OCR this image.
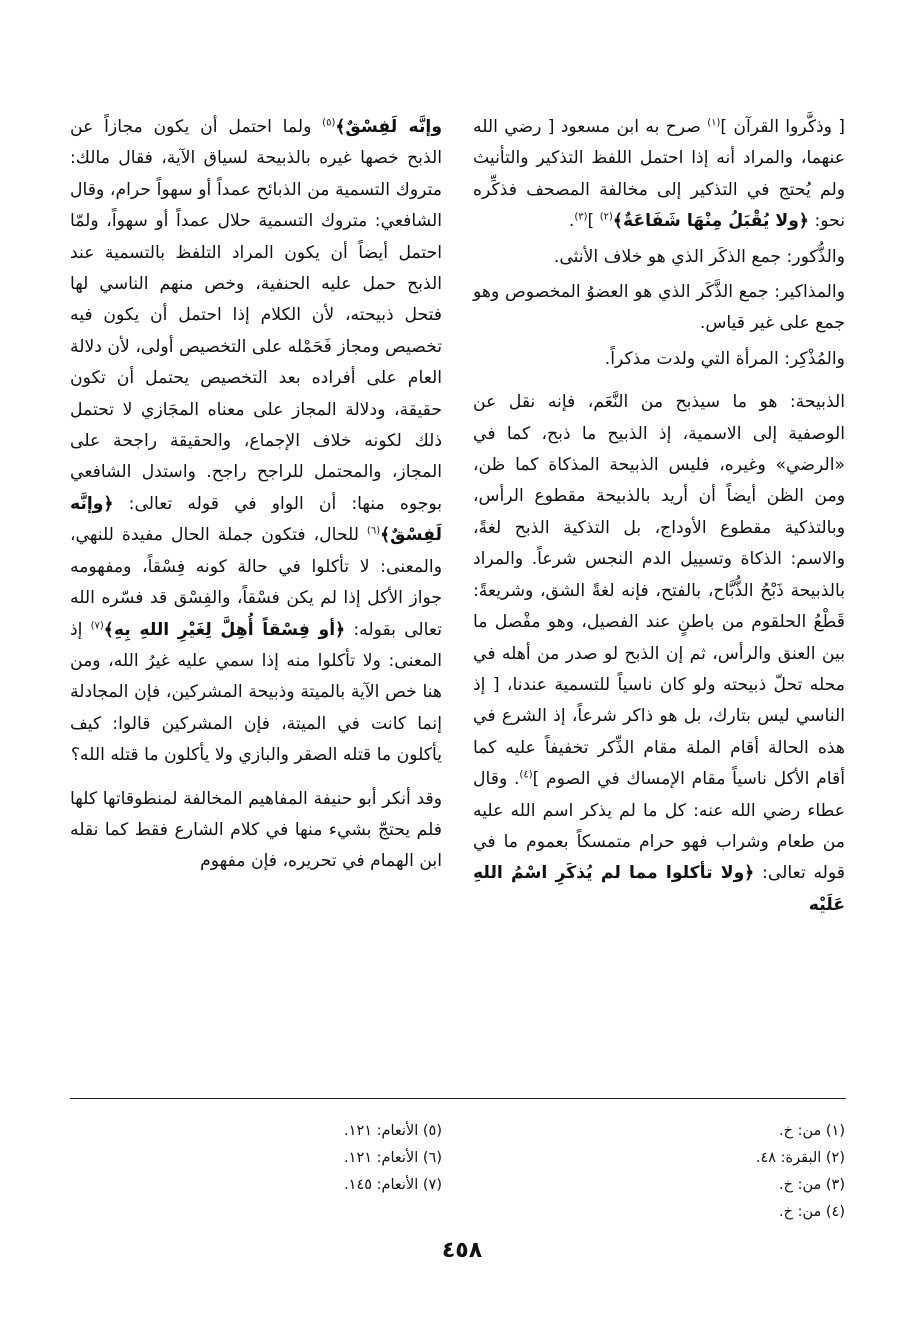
[ وذكَّروا القرآن ]$^{(١)}$ صرح به ابن مسعود [ رضي الله عنهما، والمراد أنه إذا احتمل اللفظ التذكير والتأنيث ولم يُحتج في التذكير إلى مخالفة المصحف فذكِّره نحو: ﴿ولا يُقْبَلُ مِنْهَا شَفَاعَةٌ﴾$^{(٢)}$ ]$^{(٣)}$.

والذُّكور: جمع الذكَر الذي هو خلاف الأنثى.

والمذاكير: جمع الذَّكَر الذي هو العضوُ المخصوص وهو جمع على غير قياس.

والمُذْكِر: المرأة التي ولدت مذكراً.

الذبيحة: هو ما سيذبح من النَّعَم، فإنه نقل عن الوصفية إلى الاسمية، إذ الذبيح ما ذبح، كما في «الرضي» وغيره، فليس الذبيحة المذكاة كما ظن، ومن الظن أيضاً أن أريد بالذبيحة مقطوع الرأس، وبالتذكية مقطوع الأوداج، بل التذكية الذبح لغةً، والاسم: الذكاة وتسييل الدم النجس شرعاً. والمراد بالذبيحة ذَبْحُ الذُّبَّاح، بالفتح، فإنه لغةً الشق، وشريعةً: قَطْعُ الحلقوم من باطنٍ عند الفصيل، وهو مفْصل ما بين العنق والرأس، ثم إن الذبح لو صدر من أهله في محله تحلّ ذبيحته ولو كان ناسياً للتسمية عندنا، [ إذ الناسي ليس بتارك، بل هو ذاكر شرعاً، إذ الشرع في هذه الحالة أقام الملة مقام الذِّكر تخفيفاً عليه كما أقام الأكل ناسياً مقام الإمساك في الصوم ]$^{(٤)}$. وقال عطاء رضي الله عنه: كل ما لم يذكر اسم الله عليه من طعام وشراب فهو حرام متمسكاً بعموم ما في قوله تعالى: ﴿ولا تأكلوا مما لم يُذكَرِ اسْمُ اللهِ عَلَيْه

وإنَّه لَفِسْقٌ﴾$^{(٥)}$ ولما احتمل أن يكون مجازاً عن الذبح خصها غيره بالذبيحة لسياق الآية، فقال مالك: متروك التسمية من الذبائح عمداً أو سهواً حرام، وقال الشافعي: متروك التسمية حلال عمداً أو سهواً، ولمّا احتمل أيضاً أن يكون المراد التلفظ بالتسمية عند الذبح حمل عليه الحنفية، وخص منهم الناسي لها فتحل ذبيحته، لأن الكلام إذا احتمل أن يكون فيه تخصيص ومجاز فَحَمْله على التخصيص أولى، لأن دلالة العام على أفراده بعد التخصيص يحتمل أن تكون حقيقة، ودلالة المجاز على معناه المجَازي لا تحتمل ذلك لكونه خلاف الإجماع، والحقيقة راجحة على المجاز، والمحتمل للراجح راجح. واستدل الشافعي بوجوه منها: أن الواو في قوله تعالى: ﴿وإنَّه لَفِسْقٌ﴾$^{(٦)}$ للحال، فتكون جملة الحال مفيدة للنهي، والمعنى: لا تأكلوا في حالة كونه فِسْقاً، ومفهومه جواز الأكل إذا لم يكن فسْقاً، والفِسْق قد فسّره الله تعالى بقوله: ﴿أو فِسْقاً أُهِلَّ لِغَيْرِ اللهِ بِهِ﴾$^{(٧)}$ إذ المعنى: ولا تأكلوا منه إذا سمي عليه غيرُ الله، ومن هنا خص الآية بالميتة وذبيحة المشركين، فإن المجادلة إنما كانت في الميتة، فإن المشركين قالوا: كيف يأكلون ما قتله الصقر والبازي ولا يأكلون ما قتله الله؟

وقد أنكر أبو حنيفة المفاهيم المخالفة لمنطوقاتها كلها فلم يحتجّ بشيء منها في كلام الشارع فقط كما نقله ابن الهمام في تحريره، فإن مفهوم

(١) من: خ.

(٢) البقرة: ٤٨.

(٣) من: خ.

(٤) من: خ.

(٥) الأنعام: ١٢١.

(٦) الأنعام: ١٢١.

(٧) الأنعام: ١٤٥.

٤٥٨
